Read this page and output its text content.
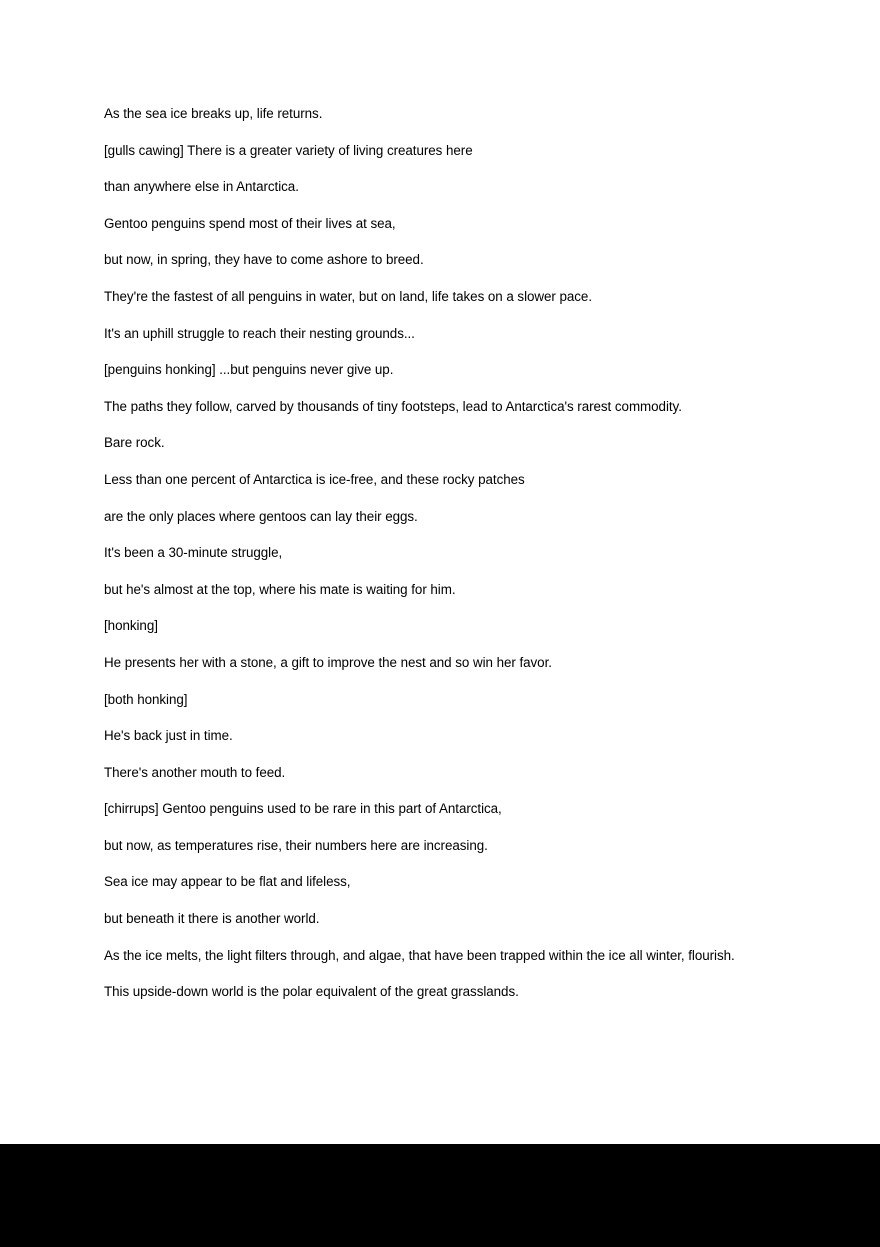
As the sea ice breaks up, life returns.

[gulls cawing] There is a greater variety of living creatures here

than anywhere else in Antarctica.

Gentoo penguins spend most of their lives at sea,

but now, in spring, they have to come ashore to breed.

They're the fastest of all penguins in water, but on land, life takes on a slower pace.

It's an uphill struggle to reach their nesting grounds...

[penguins honking] ...but penguins never give up.

The paths they follow, carved by thousands of tiny footsteps, lead to Antarctica's rarest commodity.

Bare rock.

Less than one percent of Antarctica is ice-free, and these rocky patches

are the only places where gentoos can lay their eggs.

It's been a 30-minute struggle,

but he's almost at the top, where his mate is waiting for him.

[honking]

He presents her with a stone, a gift to improve the nest and so win her favor.

[both honking]

He's back just in time.

There's another mouth to feed.

[chirrups] Gentoo penguins used to be rare in this part of Antarctica,

but now, as temperatures rise, their numbers here are increasing.

Sea ice may appear to be flat and lifeless,

but beneath it there is another world.

As the ice melts, the light filters through, and algae, that have been trapped within the ice all winter, flourish.

This upside-down world is the polar equivalent of the great grasslands.
